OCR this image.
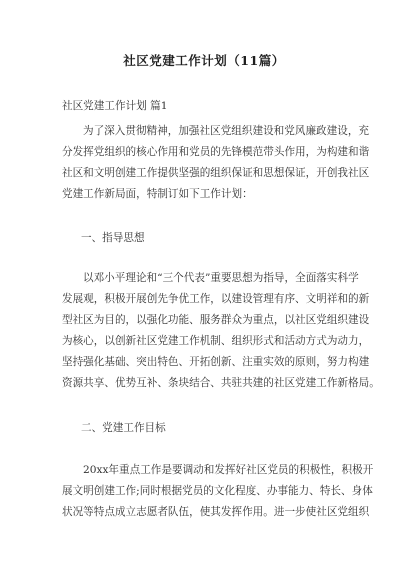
社区党建工作计划（11篇）
社区党建工作计划 篇1
为了深入贯彻精神，加强社区党组织建设和党风廉政建设，充
分发挥党组织的核心作用和党员的先锋模范带头作用，为构建和谐
社区和文明创建工作提供坚强的组织保证和思想保证，开创我社区
党建工作新局面，特制订如下工作计划：
一、指导思想
以邓小平理论和“三个代表”重要思想为指导，全面落实科学
发展观，积极开展创先争优工作，以建设管理有序、文明祥和的新
型社区为目的，以强化功能、服务群众为重点，以社区党组织建设
为核心，以创新社区党建工作机制、组织形式和活动方式为动力，
坚持强化基础、突出特色、开拓创新、注重实效的原则，努力构建
资源共享、优势互补、条块结合、共驻共建的社区党建工作新格局。
二、党建工作目标
20xx年重点工作是要调动和发挥好社区党员的积极性，积极开
展文明创建工作;同时根据党员的文化程度、办事能力、特长、身体
状况等特点成立志愿者队伍，使其发挥作用。进一步使社区党组织
